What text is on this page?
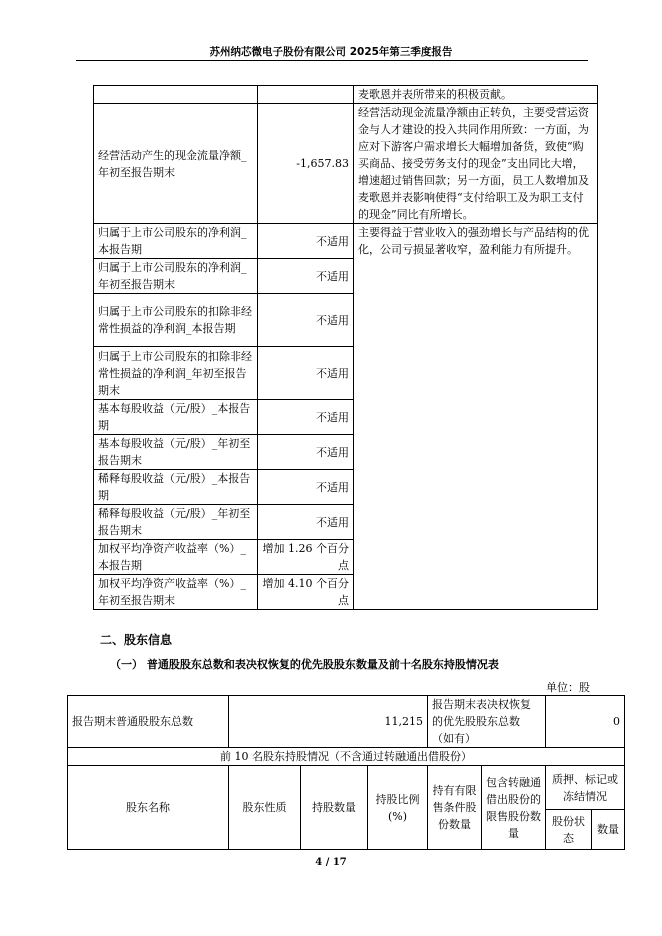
苏州纳芯微电子股份有限公司 2025年第三季度报告
		麦歌恩并表所带来的积极贡献。
经营活动产生的现金流量净额_年初至报告期末	-1,657.83	经营活动现金流量净额由正转负，主要受营运资金与人才建设的投入共同作用所致：一方面，为应对下游客户需求增长大幅增加备货，致使“购买商品、接受劳务支付的现金”支出同比大增，增速超过销售回款；另一方面，员工人数增加及麦歌恩并表影响使得“支付给职工及为职工支付的现金”同比有所增长。
归属于上市公司股东的净利润_本报告期	不适用	主要得益于营业收入的强劲增长与产品结构的优化，公司亏损显著收窄，盈利能力有所提升。
归属于上市公司股东的净利润_年初至报告期末	不适用	
归属于上市公司股东的扣除非经常性损益的净利润_本报告期	不适用	
归属于上市公司股东的扣除非经常性损益的净利润_年初至报告期末	不适用	
基本每股收益（元/股）_本报告期	不适用	
基本每股收益（元/股）_年初至报告期末	不适用	
稀释每股收益（元/股）_本报告期	不适用	
稀释每股收益（元/股）_年初至报告期末	不适用	
加权平均净资产收益率（%）_本报告期	增加 1.26 个百分点	
加权平均净资产收益率（%）_年初至报告期末	增加 4.10 个百分点	
二、股东信息
（一） 普通股股东总数和表决权恢复的优先股股东数量及前十名股东持股情况表
单位：股
报告期末普通股股东总数	11,215			报告期末表决权恢复的优先股股东总数（如有）		0	
前 10 名股东持股情况（不含通过转融通出借股份）							
股东名称	股东性质	持股数量	持股比例(%)	持有有限售条件股份数量	包含转融通借出股份的限售股份数量	质押、标记或冻结情况	
						股份状态	数量
4 / 17
